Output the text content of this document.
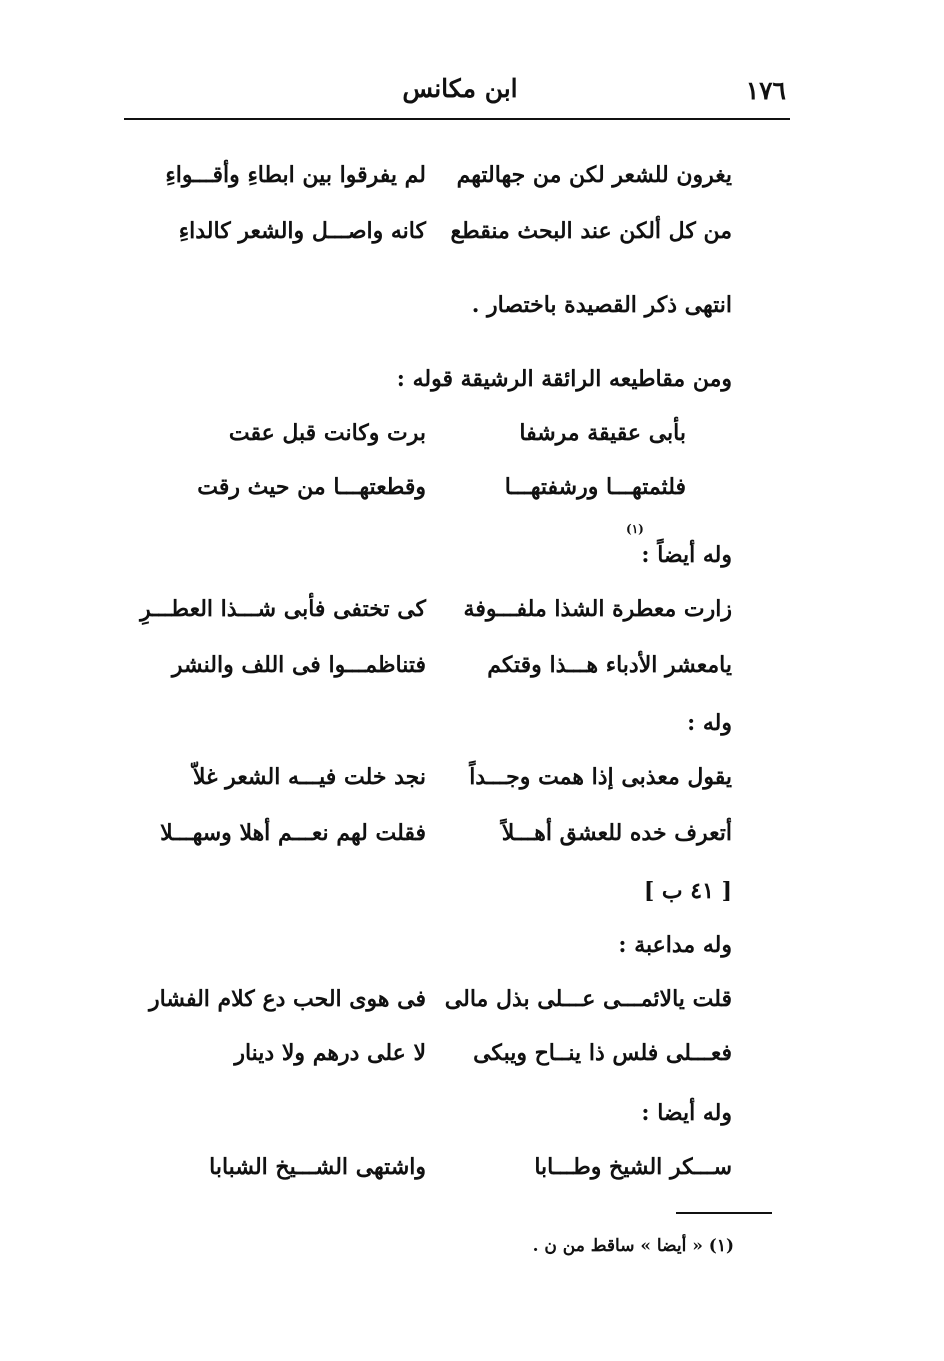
ابن مكانس	١٧٦
يغرون للشعر لكن من جهالتهم
لم يفرقوا بين ابطاءِ وأقـــواءِ
من كل ألكن عند البحث منقطع
كانه واصـــل والشعر كالداءِ
انتهى ذكر القصيدة باختصار .
ومن مقاطيعه الرائقة الرشيقة قوله :
بأبى عقيقة مرشفا
برت وكانت قبل عقت
فلثمتهـــا ورشفتهـــا
وقطعتهـــا من حيث رقت
وله أيضاً :
(١)
زارت معطرة الشذا ملفـــوفة
كى تختفى فأبى شـــذا العطـــرِ
يامعشر الأدباء هـــذا وقتكم
فتناظمـــوا فى اللف والنشر
وله :
يقول معذبى إذا همت وجـــداً
نجد خلت فيـــه الشعر غلاّ
أتعرف خده للعشق أهـــلاً
فقلت لهم نعـــم أهلا وسهـــلا
[ ٤١ ب ]
وله مداعبة :
قلت يالائمـــى عـــلى بذل مالى
فى هوى الحب دع كلام الفشار
فعـــلى فلس ذا ينــاح ويبكى
لا على درهم ولا دينار
وله أيضا :
ســـكر الشيخ وطـــابا
واشتهى الشـــيخ الشبابا
(١) « أيضا » ساقط من ن .
